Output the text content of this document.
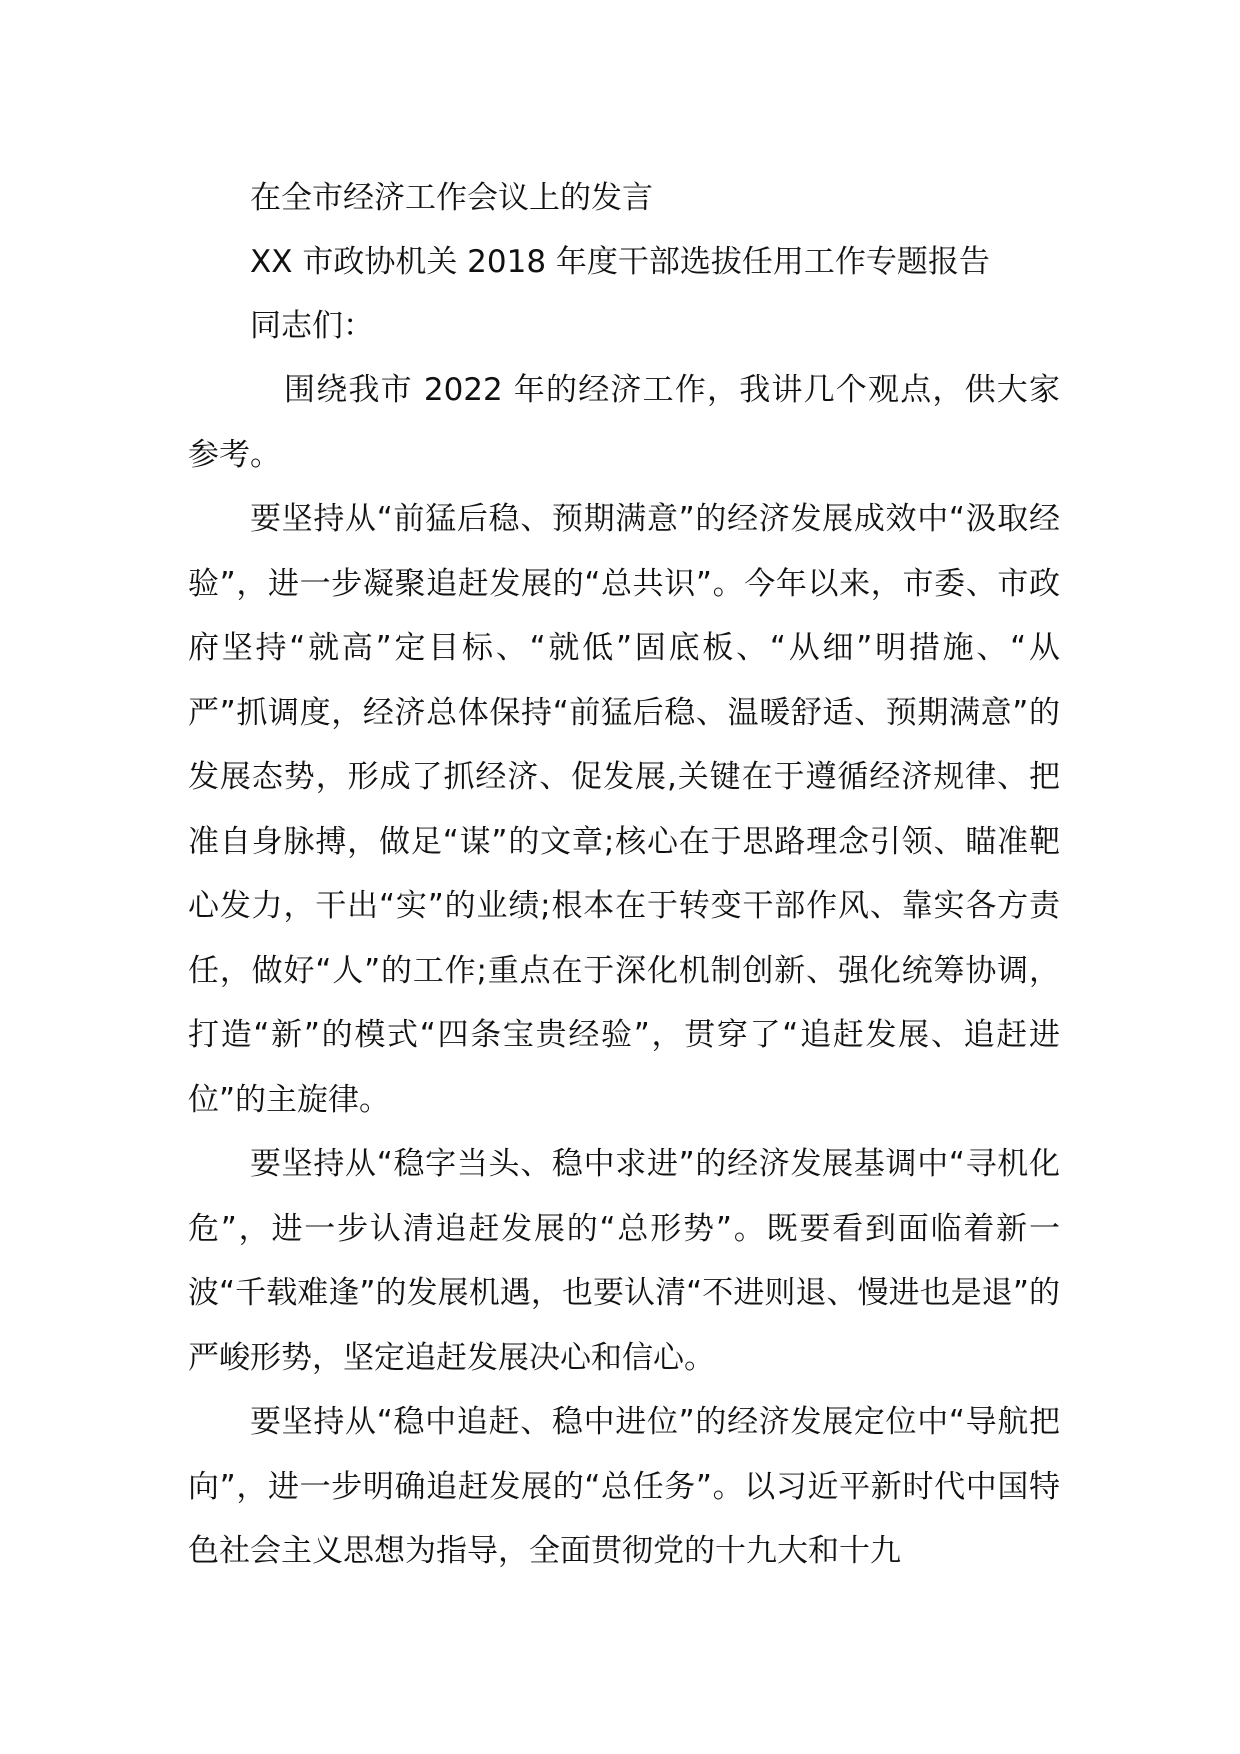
在全市经济工作会议上的发言

XX 市政协机关 2018 年度干部选拔任用工作专题报告

同志们：

围绕我市 2022 年的经济工作，我讲几个观点，供大家参考。

要坚持从“前猛后稳、预期满意”的经济发展成效中“汲取经验”，进一步凝聚追赶发展的“总共识”。今年以来，市委、市政府坚持“就高”定目标、“就低”固底板、“从细”明措施、“从严”抓调度，经济总体保持“前猛后稳、温暖舒适、预期满意”的发展态势，形成了抓经济、促发展,关键在于遵循经济规律、把准自身脉搏，做足“谋”的文章;核心在于思路理念引领、瞄准靶心发力，干出“实”的业绩;根本在于转变干部作风、靠实各方责任，做好“人”的工作;重点在于深化机制创新、强化统筹协调，打造“新”的模式“四条宝贵经验”，贯穿了“追赶发展、追赶进位”的主旋律。

要坚持从“稳字当头、稳中求进”的经济发展基调中“寻机化危”，进一步认清追赶发展的“总形势”。既要看到面临着新一波“千载难逢”的发展机遇，也要认清“不进则退、慢进也是退”的严峻形势，坚定追赶发展决心和信心。

要坚持从“稳中追赶、稳中进位”的经济发展定位中“导航把向”，进一步明确追赶发展的“总任务”。以习近平新时代中国特色社会主义思想为指导，全面贯彻党的十九大和十九
